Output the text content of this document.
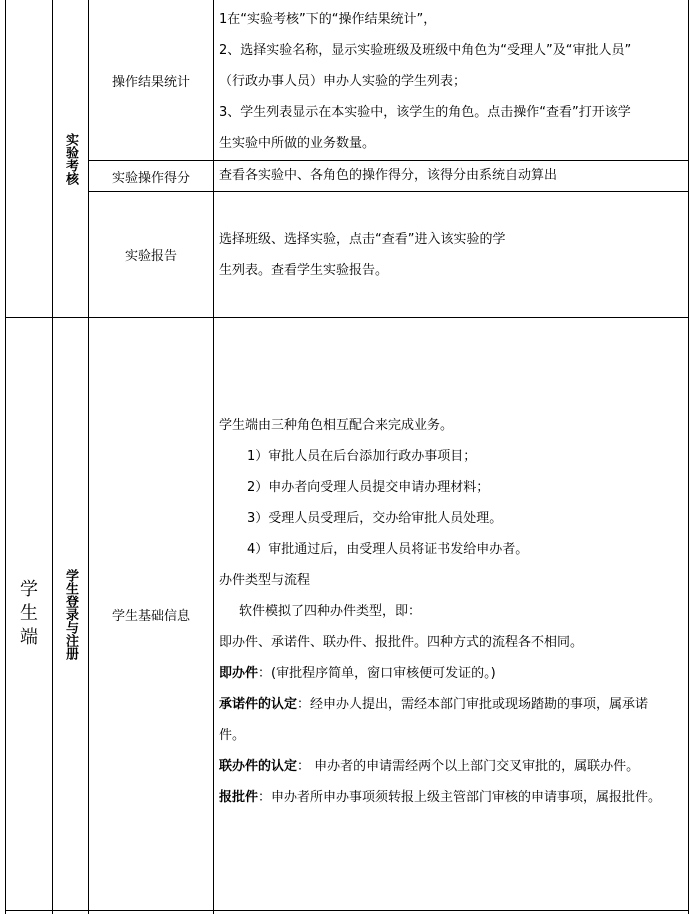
实验考核
操作结果统计

1在“实验考核”下的“操作结果统计”，

2、选择实验名称，显示实验班级及班级中角色为“受理人”及“审批人员”

（行政办事人员）申办人实验的学生列表；

3、学生列表显示在本实验中，该学生的角色。点击操作“查看”打开该学

生实验中所做的业务数量。

实验操作得分 查看各实验中、各角色的操作得分，该得分由系统自动算出

实验报告

选择班级、选择实验，点击“查看”进入该实验的学

生列表。查看学生实验报告。

学生端 学生登录与注册	学生基础信息

学生端由三种角色相互配合来完成业务。

1）审批人员在后台添加行政办事项目；

2）申办者向受理人员提交申请办理材料；

3）受理人员受理后，交办给审批人员处理。

4）审批通过后，由受理人员将证书发给申办者。

办件类型与流程

软件模拟了四种办件类型，即：

即办件、承诺件、联办件、报批件。四种方式的流程各不相同。

即办件：(审批程序简单，窗口审核便可发证的。)

承诺件的认定：经申办人提出，需经本部门审批或现场踏勘的事项，属承诺

件。

联办件的认定： 申办者的申请需经两个以上部门交叉审批的，属联办件。

报批件：申办者所申办事项须转报上级主管部门审核的申请事项，属报批件。
